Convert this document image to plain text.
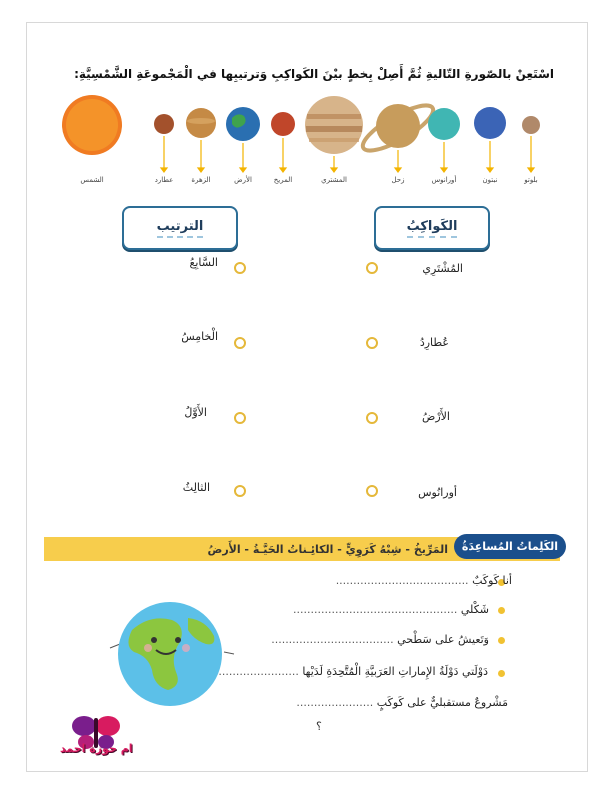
اسْتَعِنْ بالصّورةِ التّاليةِ ثُمَّ أَصِلْ بِخطٍ بيْنَ الكَواكِبِ وَترتيبِها في الْمَجْموعَةِ الشَّمْسِيَّةِ:
بلوتو
نبتون
أورانوس
زحل
المشتري
المريخ
الأرض
الزهرة
عطارد
الشمس
الكَواكِبُ
الترتيب
المُشْتَرِي
عُطارِدُ
الأَرْضُ
أورانُوس
السَّابِعُ
الْخامِسُ
الأَوَّلُ
الثالِثُ
الكَلِماتُ المُساعِدَةُ
المَرِّيخُ - شِبْهُ كَرَوِيٍّ - الكائِـناتُ الحَيَّـةُ - الأَرضُ
أنا كَوكَبٌ ......................................
شَكْلي ...............................................
وَتَعيشُ على سَطْحي ...................................
دَوْلَتي دَوْلَةُ الإِماراتِ العَرَبيَّةِ الْمُتَّحِدَةِ لَدَيْها .......................
مَشْروعٌ مستقبليٌّ على كَوكَبٍ ......................
؟
ام حوزة احمد
